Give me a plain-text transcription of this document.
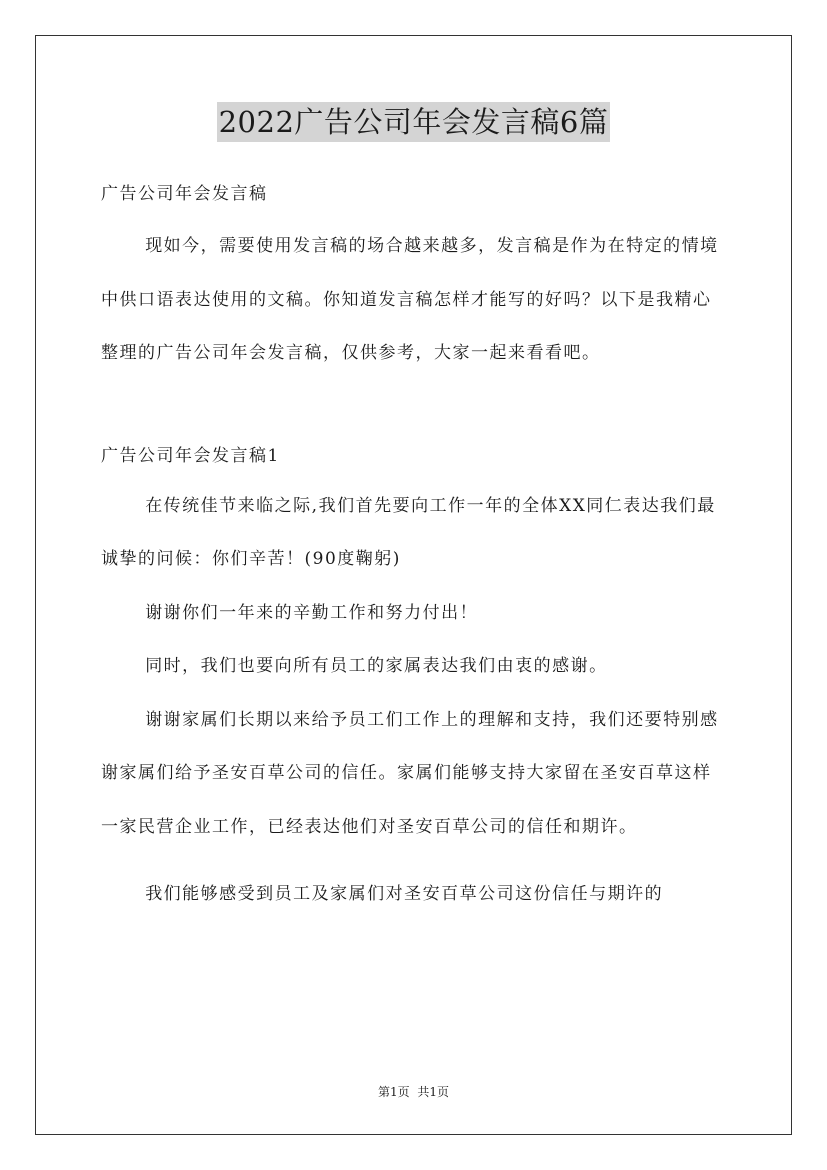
2022广告公司年会发言稿6篇

广告公司年会发言稿

现如今，需要使用发言稿的场合越来越多，发言稿是作为在特定的情境中供口语表达使用的文稿。你知道发言稿怎样才能写的好吗？以下是我精心整理的广告公司年会发言稿，仅供参考，大家一起来看看吧。

广告公司年会发言稿1

在传统佳节来临之际,我们首先要向工作一年的全体XX同仁表达我们最诚挚的问候：你们辛苦！(90度鞠躬)

谢谢你们一年来的辛勤工作和努力付出！

同时，我们也要向所有员工的家属表达我们由衷的感谢。

谢谢家属们长期以来给予员工们工作上的理解和支持，我们还要特别感谢家属们给予圣安百草公司的信任。家属们能够支持大家留在圣安百草这样一家民营企业工作，已经表达他们对圣安百草公司的信任和期许。

我们能够感受到员工及家属们对圣安百草公司这份信任与期许的

第1页 共1页
